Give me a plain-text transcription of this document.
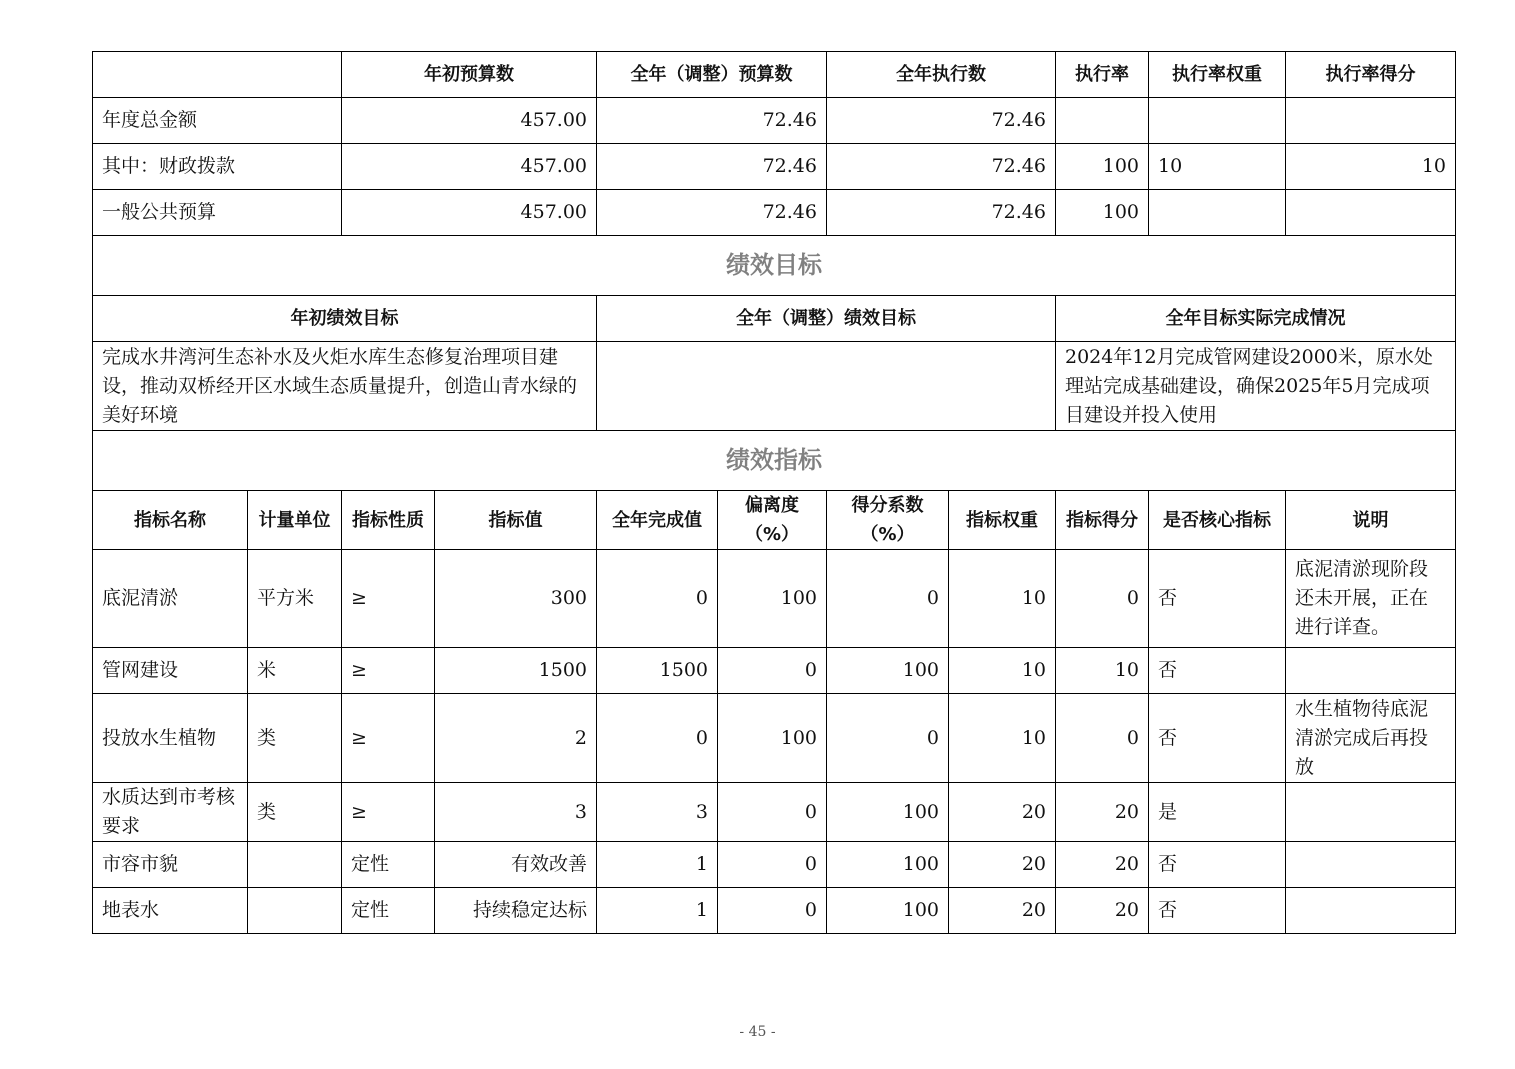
		年初预算数		全年（调整）预算数		全年执行数		执行率	执行率权重	执行率得分
年度总金额		457.00		72.46		72.46				
其中：财政拨款		457.00		72.46		72.46		100	10	10
一般公共预算		457.00		72.46		72.46		100		
绩效目标										
年初绩效目标				全年（调整）绩效目标				全年目标实际完成情况		
完成水井湾河生态补水及火炬水库生态修复治理项目建设，推动双桥经开区水域生态质量提升，创造山青水绿的美好环境								2024年12月完成管网建设2000米，原水处理站完成基础建设，确保2025年5月完成项目建设并投入使用		
绩效指标										
指标名称	计量单位	指标性质	指标值	全年完成值	偏离度（%）	得分系数（%）	指标权重	指标得分	是否核心指标	说明
底泥清淤	平方米	≥	300	0	100	0	10	0	否	底泥清淤现阶段还未开展，正在进行详查。
管网建设	米	≥	1500	1500	0	100	10	10	否	
投放水生植物	类	≥	2	0	100	0	10	0	否	水生植物待底泥清淤完成后再投放
水质达到市考核要求	类	≥	3	3	0	100	20	20	是	
市容市貌		定性	有效改善	1	0	100	20	20	否	
地表水		定性	持续稳定达标	1	0	100	20	20	否	
- 45 -
